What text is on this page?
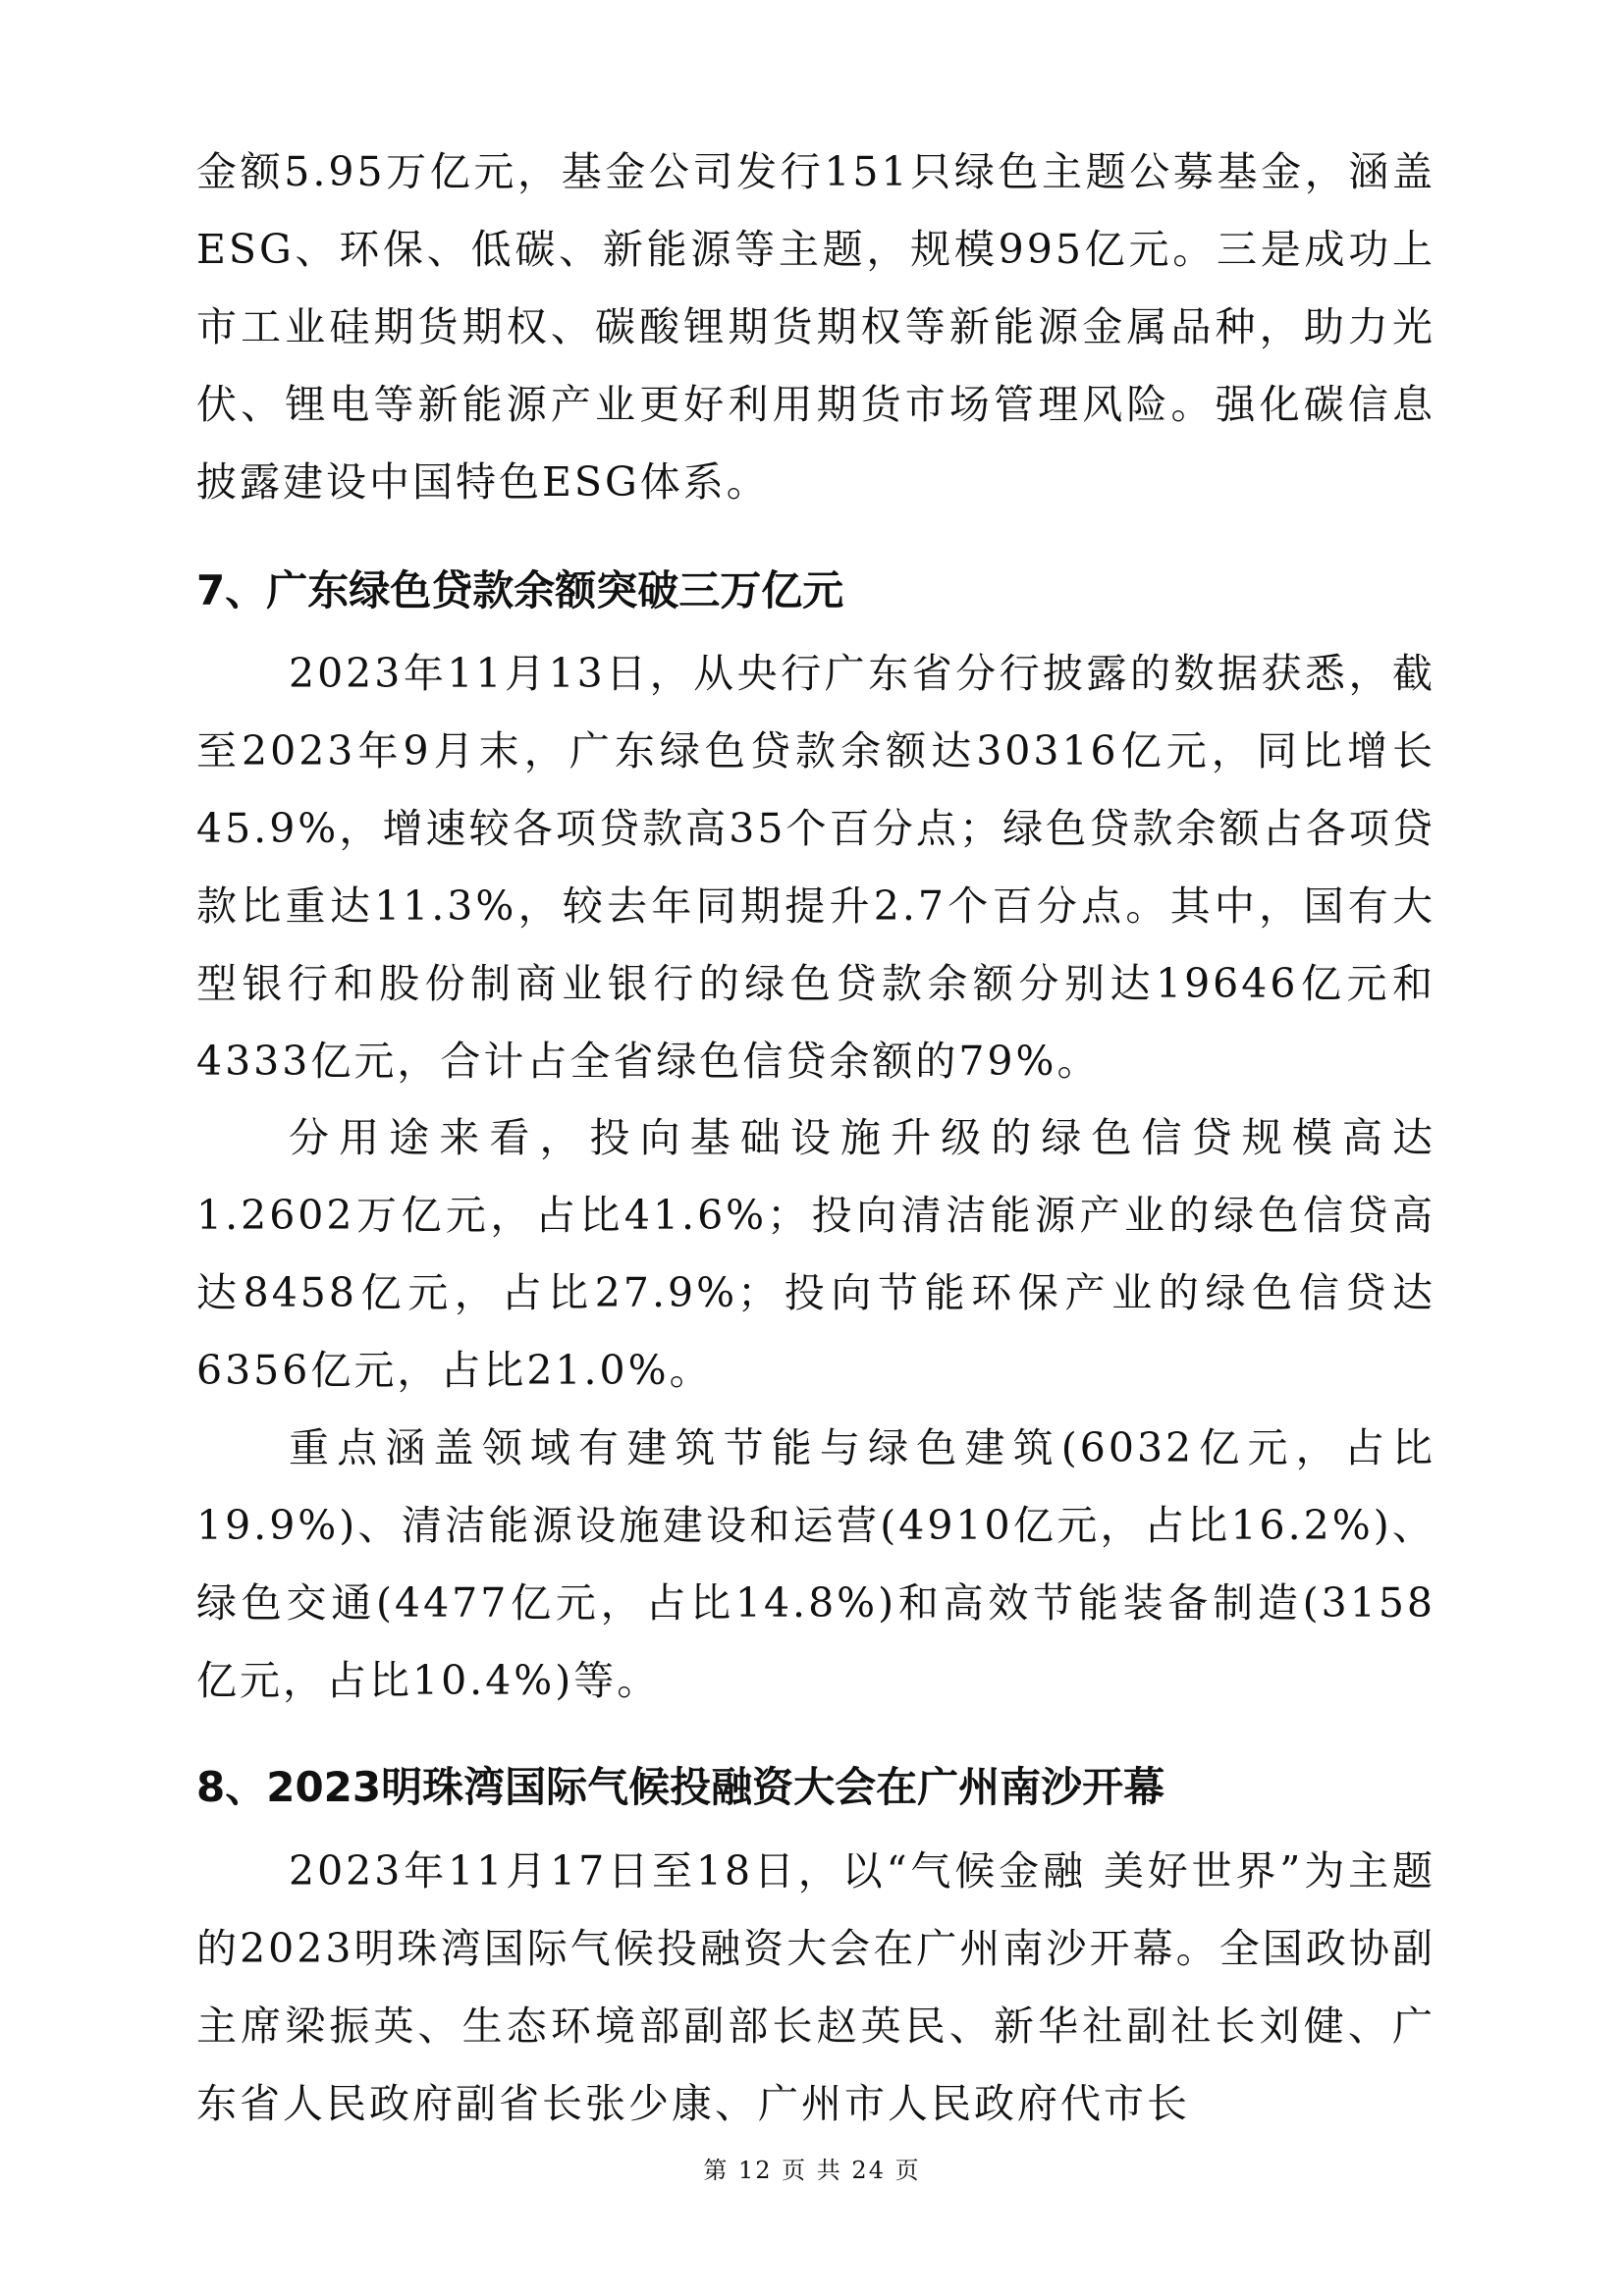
金额5.95万亿元，基金公司发行151只绿色主题公募基金，涵盖ESG、环保、低碳、新能源等主题，规模995亿元。三是成功上市工业硅期货期权、碳酸锂期货期权等新能源金属品种，助力光伏、锂电等新能源产业更好利用期货市场管理风险。强化碳信息披露建设中国特色ESG体系。

7、广东绿色贷款余额突破三万亿元

2023年11月13日，从央行广东省分行披露的数据获悉，截至2023年9月末，广东绿色贷款余额达30316亿元，同比增长45.9%，增速较各项贷款高35个百分点；绿色贷款余额占各项贷款比重达11.3%，较去年同期提升2.7个百分点。其中，国有大型银行和股份制商业银行的绿色贷款余额分别达19646亿元和4333亿元，合计占全省绿色信贷余额的79%。

分用途来看，投向基础设施升级的绿色信贷规模高达1.2602万亿元，占比41.6%；投向清洁能源产业的绿色信贷高达8458亿元，占比27.9%；投向节能环保产业的绿色信贷达6356亿元，占比21.0%。

重点涵盖领域有建筑节能与绿色建筑(6032亿元，占比19.9%)、清洁能源设施建设和运营(4910亿元，占比16.2%)、绿色交通(4477亿元，占比14.8%)和高效节能装备制造(3158亿元，占比10.4%)等。

8、2023明珠湾国际气候投融资大会在广州南沙开幕

2023年11月17日至18日，以“气候金融 美好世界”为主题的2023明珠湾国际气候投融资大会在广州南沙开幕。全国政协副主席梁振英、生态环境部副部长赵英民、新华社副社长刘健、广东省人民政府副省长张少康、广州市人民政府代市长

第 12 页 共 24 页
